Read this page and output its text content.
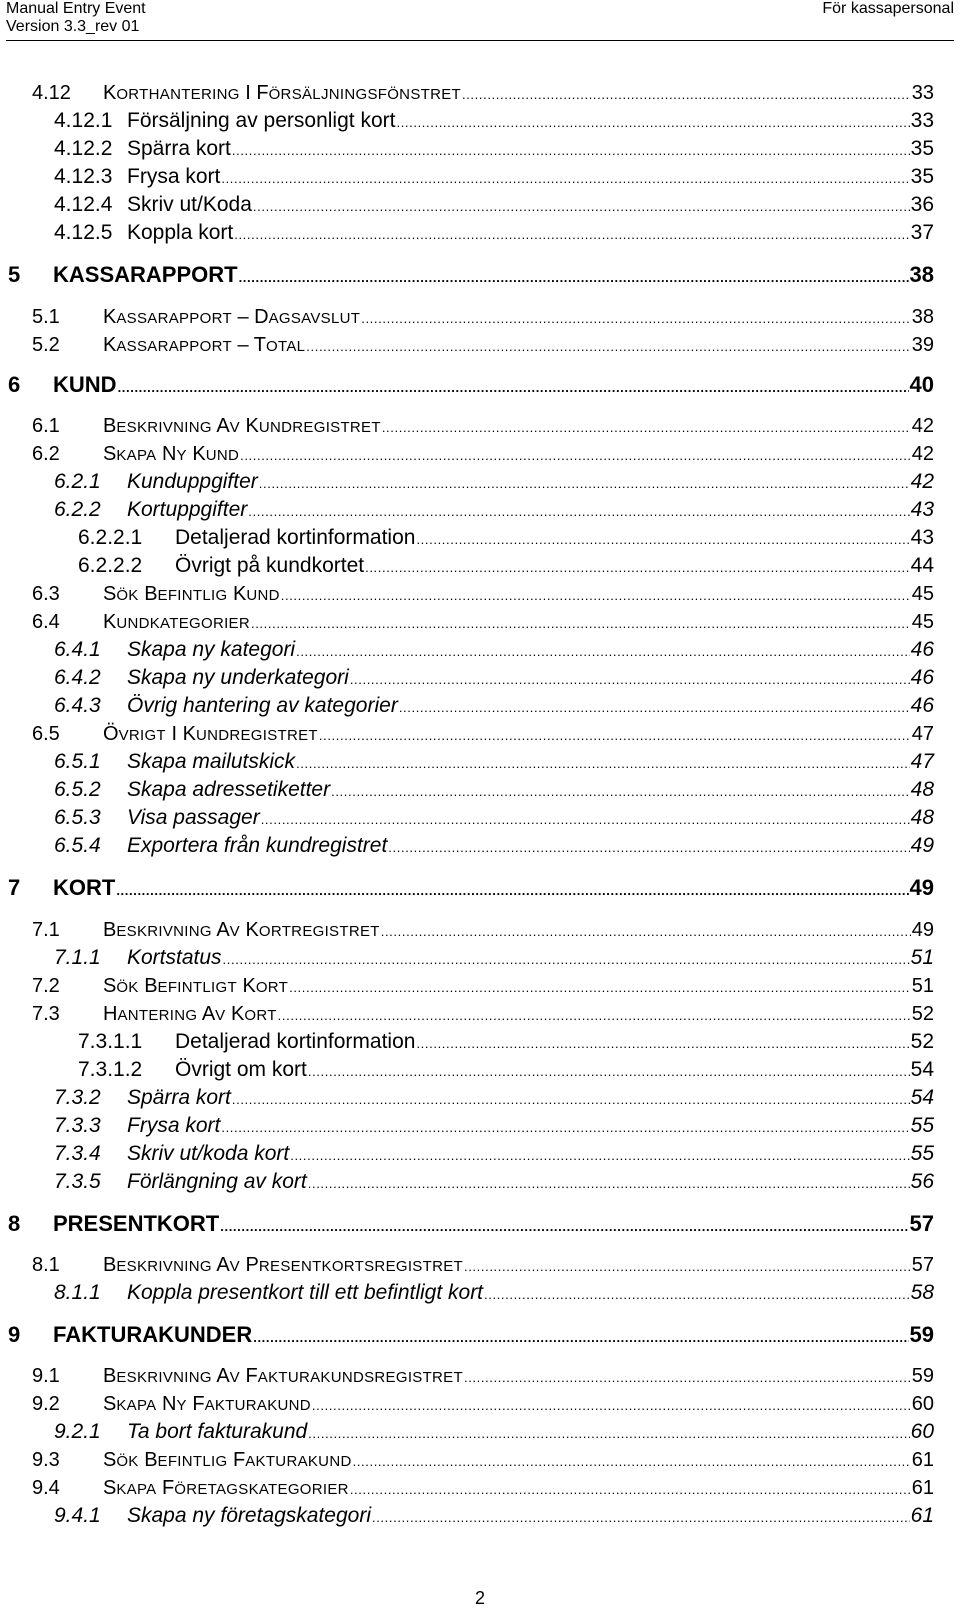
Manual Entry Event
Version 3.3_rev 01
För kassapersonal
4.12 KORTHANTERING I FÖRSÄLJNINGSFÖNSTRET . . .	33
4.12.1 Försäljning av personligt kort . . .	33
4.12.2 Spärra kort . . .	35
4.12.3 Frysa kort . . .	35
4.12.4 Skriv ut/Koda . . .	36
4.12.5 Koppla kort . . .	37
5 KASSARAPPORT . . .	38
5.1 KASSARAPPORT – DAGSAVSLUT . . .	38
5.2 KASSARAPPORT – TOTAL . . .	39
6 KUND . . .	40
6.1 BESKRIVNING AV KUNDREGISTRET . . .	42
6.2 SKAPA NY KUND . . .	42
6.2.1 Kunduppgifter . . .	42
6.2.2 Kortuppgifter . . .	43
6.2.2.1 Detaljerad kortinformation . . .	43
6.2.2.2 Övrigt på kundkortet . . .	44
6.3 SÖK BEFINTLIG KUND . . .	45
6.4 KUNDKATEGORIER . . .	45
6.4.1 Skapa ny kategori . . .	46
6.4.2 Skapa ny underkategori . . .	46
6.4.3 Övrig hantering av kategorier . . .	46
6.5 ÖVRIGT I KUNDREGISTRET . . .	47
6.5.1 Skapa mailutskick . . .	47
6.5.2 Skapa adressetiketter . . .	48
6.5.3 Visa passager . . .	48
6.5.4 Exportera från kundregistret . . .	49
7 KORT . . .	49
7.1 BESKRIVNING AV KORTREGISTRET . . .	49
7.1.1 Kortstatus . . .	51
7.2 SÖK BEFINTLIGT KORT . . .	51
7.3 HANTERING AV KORT . . .	52
7.3.1.1 Detaljerad kortinformation . . .	52
7.3.1.2 Övrigt om kort . . .	54
7.3.2 Spärra kort . . .	54
7.3.3 Frysa kort . . .	55
7.3.4 Skriv ut/koda kort . . .	55
7.3.5 Förlängning av kort . . .	56
8 PRESENTKORT . . .	57
8.1 BESKRIVNING AV PRESENTKORTSREGISTRET . . .	57
8.1.1 Koppla presentkort till ett befintligt kort . . .	58
9 FAKTURAKUNDER . . .	59
9.1 BESKRIVNING AV FAKTURAKUNDSREGISTRET . . .	59
9.2 SKAPA NY FAKTURAKUND . . .	60
9.2.1 Ta bort fakturakund . . .	60
9.3 SÖK BEFINTLIG FAKTURAKUND . . .	61
9.4 SKAPA FÖRETAGSKATEGORIER . . .	61
9.4.1 Skapa ny företagskategori . . .	61
2
